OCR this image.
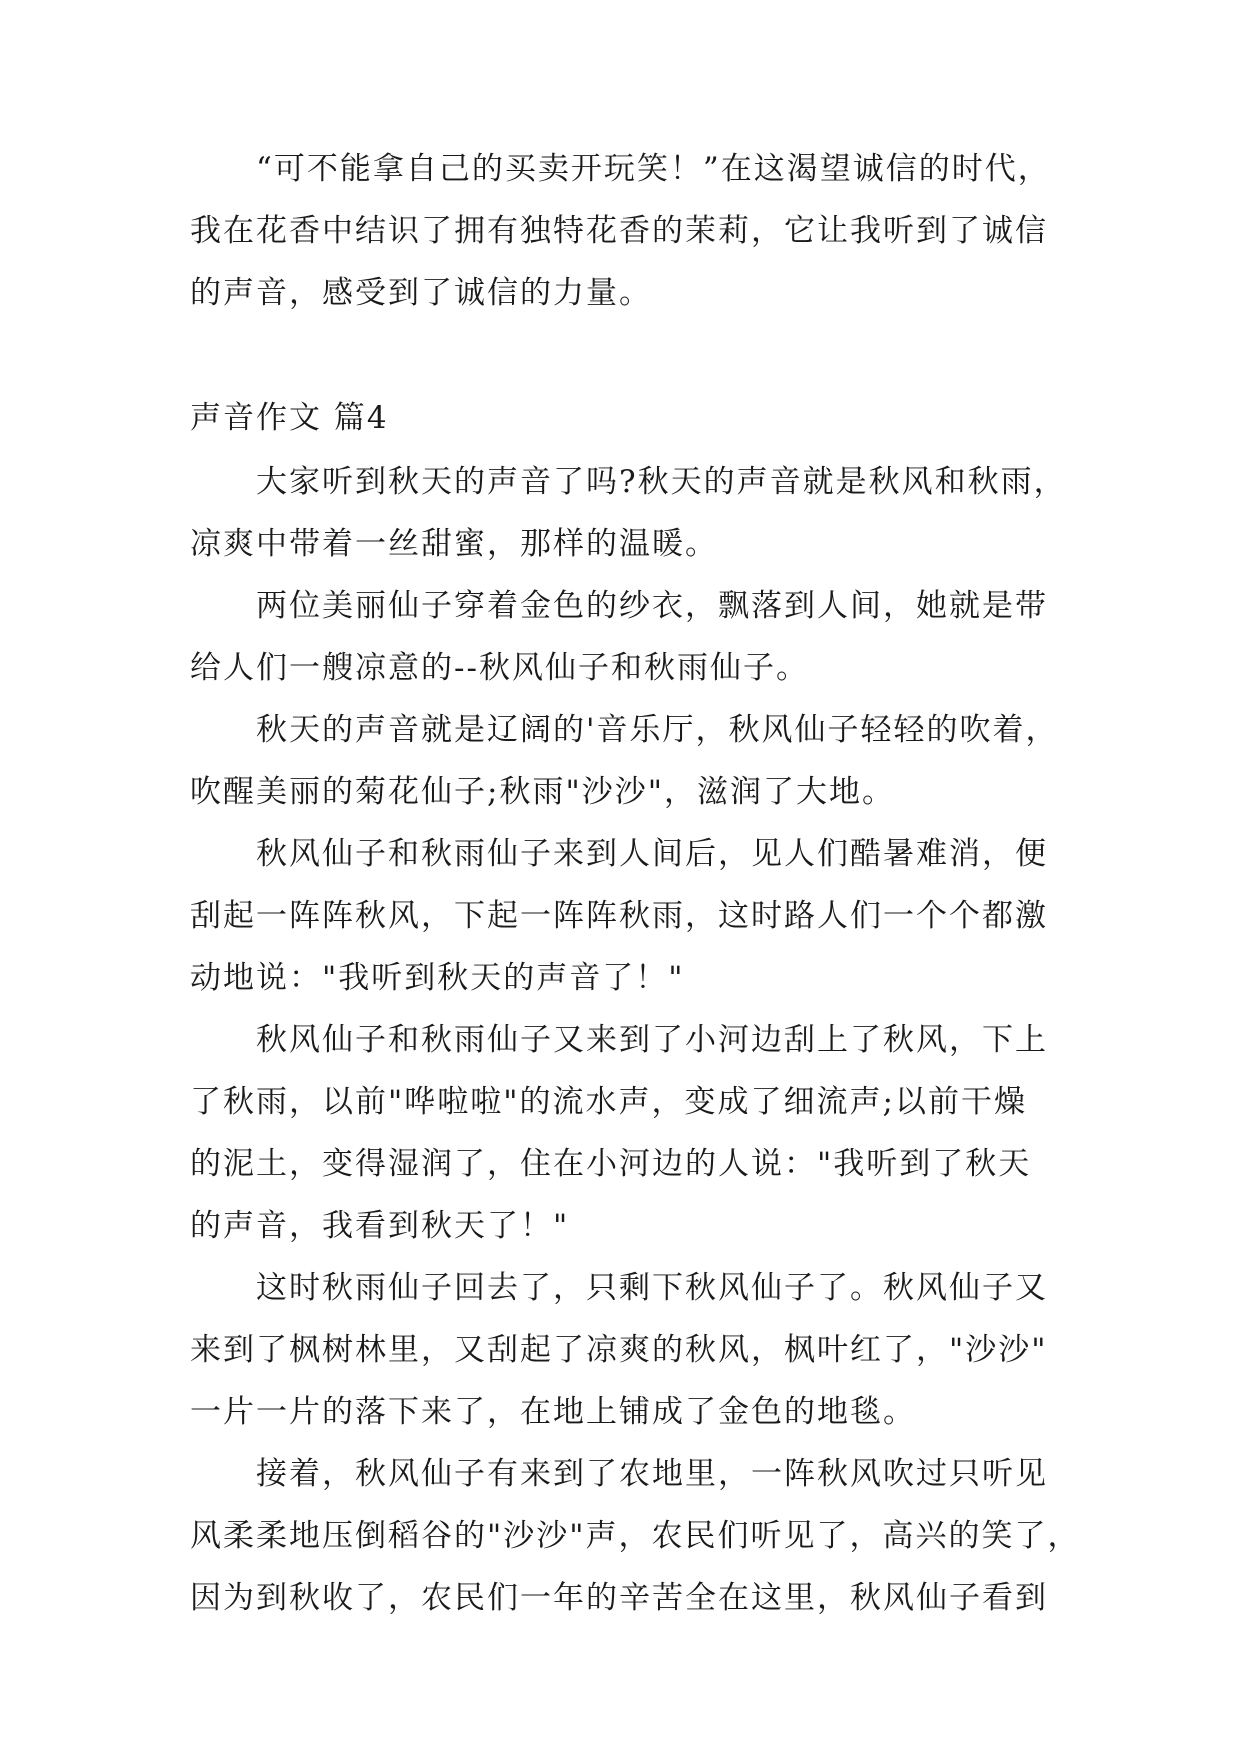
“可不能拿自己的买卖开玩笑！”在这渴望诚信的时代，
我在花香中结识了拥有独特花香的茉莉，它让我听到了诚信
的声音，感受到了诚信的力量。
声音作文 篇4
大家听到秋天的声音了吗?秋天的声音就是秋风和秋雨，
凉爽中带着一丝甜蜜，那样的温暖。
两位美丽仙子穿着金色的纱衣，飘落到人间，她就是带
给人们一艘凉意的--秋风仙子和秋雨仙子。
秋天的声音就是辽阔的'音乐厅，秋风仙子轻轻的吹着，
吹醒美丽的菊花仙子;秋雨"沙沙"，滋润了大地。
秋风仙子和秋雨仙子来到人间后，见人们酷暑难消，便
刮起一阵阵秋风，下起一阵阵秋雨，这时路人们一个个都激
动地说："我听到秋天的声音了！"
秋风仙子和秋雨仙子又来到了小河边刮上了秋风，下上
了秋雨，以前"哗啦啦"的流水声，变成了细流声;以前干燥
的泥土，变得湿润了，住在小河边的人说："我听到了秋天
的声音，我看到秋天了！"
这时秋雨仙子回去了，只剩下秋风仙子了。秋风仙子又
来到了枫树林里，又刮起了凉爽的秋风，枫叶红了，"沙沙"
一片一片的落下来了，在地上铺成了金色的地毯。
接着，秋风仙子有来到了农地里，一阵秋风吹过只听见
风柔柔地压倒稻谷的"沙沙"声，农民们听见了，高兴的笑了，
因为到秋收了，农民们一年的辛苦全在这里，秋风仙子看到
